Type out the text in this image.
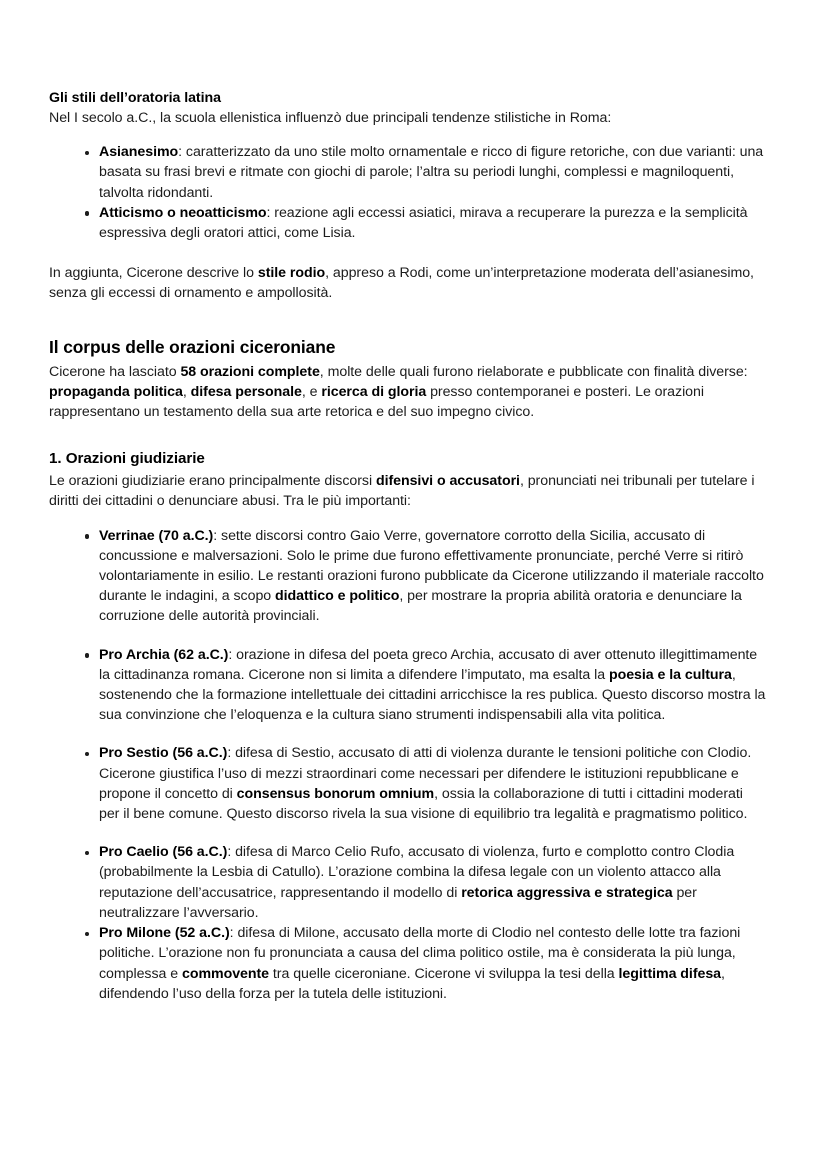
Gli stili dell’oratoria latina

Nel I secolo a.C., la scuola ellenistica influenzò due principali tendenze stilistiche in Roma:

Asianesimo: caratterizzato da uno stile molto ornamentale e ricco di figure retoriche, con due varianti: una basata su frasi brevi e ritmate con giochi di parole; l’altra su periodi lunghi, complessi e magniloquenti, talvolta ridondanti.
Atticismo o neoatticismo: reazione agli eccessi asiatici, mirava a recuperare la purezza e la semplicità espressiva degli oratori attici, come Lisia.

In aggiunta, Cicerone descrive lo stile rodio, appreso a Rodi, come un’interpretazione moderata dell’asianesimo, senza gli eccessi di ornamento e ampollosità.

Il corpus delle orazioni ciceroniane

Cicerone ha lasciato 58 orazioni complete, molte delle quali furono rielaborate e pubblicate con finalità diverse: propaganda politica, difesa personale, e ricerca di gloria presso contemporanei e posteri. Le orazioni rappresentano un testamento della sua arte retorica e del suo impegno civico.

1. Orazioni giudiziarie

Le orazioni giudiziarie erano principalmente discorsi difensivi o accusatori, pronunciati nei tribunali per tutelare i diritti dei cittadini o denunciare abusi. Tra le più importanti:

Verrinae (70 a.C.): sette discorsi contro Gaio Verre, governatore corrotto della Sicilia, accusato di concussione e malversazioni. Solo le prime due furono effettivamente pronunciate, perché Verre si ritirò volontariamente in esilio. Le restanti orazioni furono pubblicate da Cicerone utilizzando il materiale raccolto durante le indagini, a scopo didattico e politico, per mostrare la propria abilità oratoria e denunciare la corruzione delle autorità provinciali.
Pro Archia (62 a.C.): orazione in difesa del poeta greco Archia, accusato di aver ottenuto illegittimamente la cittadinanza romana. Cicerone non si limita a difendere l’imputato, ma esalta la poesia e la cultura, sostenendo che la formazione intellettuale dei cittadini arricchisce la res publica. Questo discorso mostra la sua convinzione che l’eloquenza e la cultura siano strumenti indispensabili alla vita politica.
Pro Sestio (56 a.C.): difesa di Sestio, accusato di atti di violenza durante le tensioni politiche con Clodio. Cicerone giustifica l’uso di mezzi straordinari come necessari per difendere le istituzioni repubblicane e propone il concetto di consensus bonorum omnium, ossia la collaborazione di tutti i cittadini moderati per il bene comune. Questo discorso rivela la sua visione di equilibrio tra legalità e pragmatismo politico.
Pro Caelio (56 a.C.): difesa di Marco Celio Rufo, accusato di violenza, furto e complotto contro Clodia (probabilmente la Lesbia di Catullo). L’orazione combina la difesa legale con un violento attacco alla reputazione dell’accusatrice, rappresentando il modello di retorica aggressiva e strategica per neutralizzare l’avversario.
Pro Milone (52 a.C.): difesa di Milone, accusato della morte di Clodio nel contesto delle lotte tra fazioni politiche. L’orazione non fu pronunciata a causa del clima politico ostile, ma è considerata la più lunga, complessa e commovente tra quelle ciceroniane. Cicerone vi sviluppa la tesi della legittima difesa, difendendo l’uso della forza per la tutela delle istituzioni.
